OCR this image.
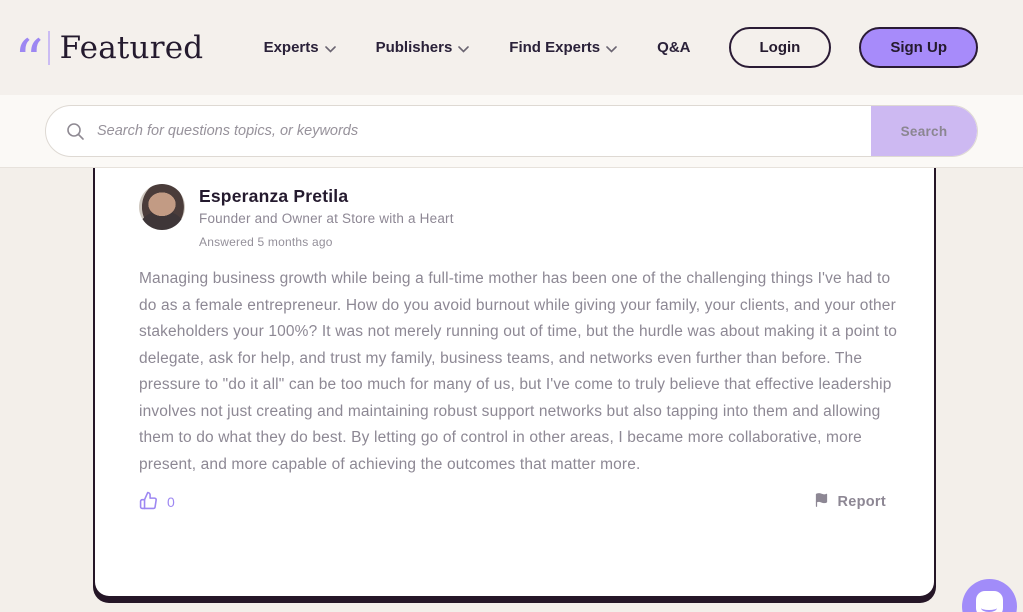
“ Featured	Experts	Publishers	Find Experts	Q&A	Login	Sign Up
Search for questions topics, or keywords
Search
Esperanza Pretila
Founder and Owner at Store with a Heart
Answered 5 months ago
Managing business growth while being a full-time mother has been one of the challenging things I've had to do as a female entrepreneur. How do you avoid burnout while giving your family, your clients, and your other stakeholders your 100%? It was not merely running out of time, but the hurdle was about making it a point to delegate, ask for help, and trust my family, business teams, and networks even further than before. The pressure to "do it all" can be too much for many of us, but I've come to truly believe that effective leadership involves not just creating and maintaining robust support networks but also tapping into them and allowing them to do what they do best. By letting go of control in other areas, I became more collaborative, more present, and more capable of achieving the outcomes that matter more.
0	Report
